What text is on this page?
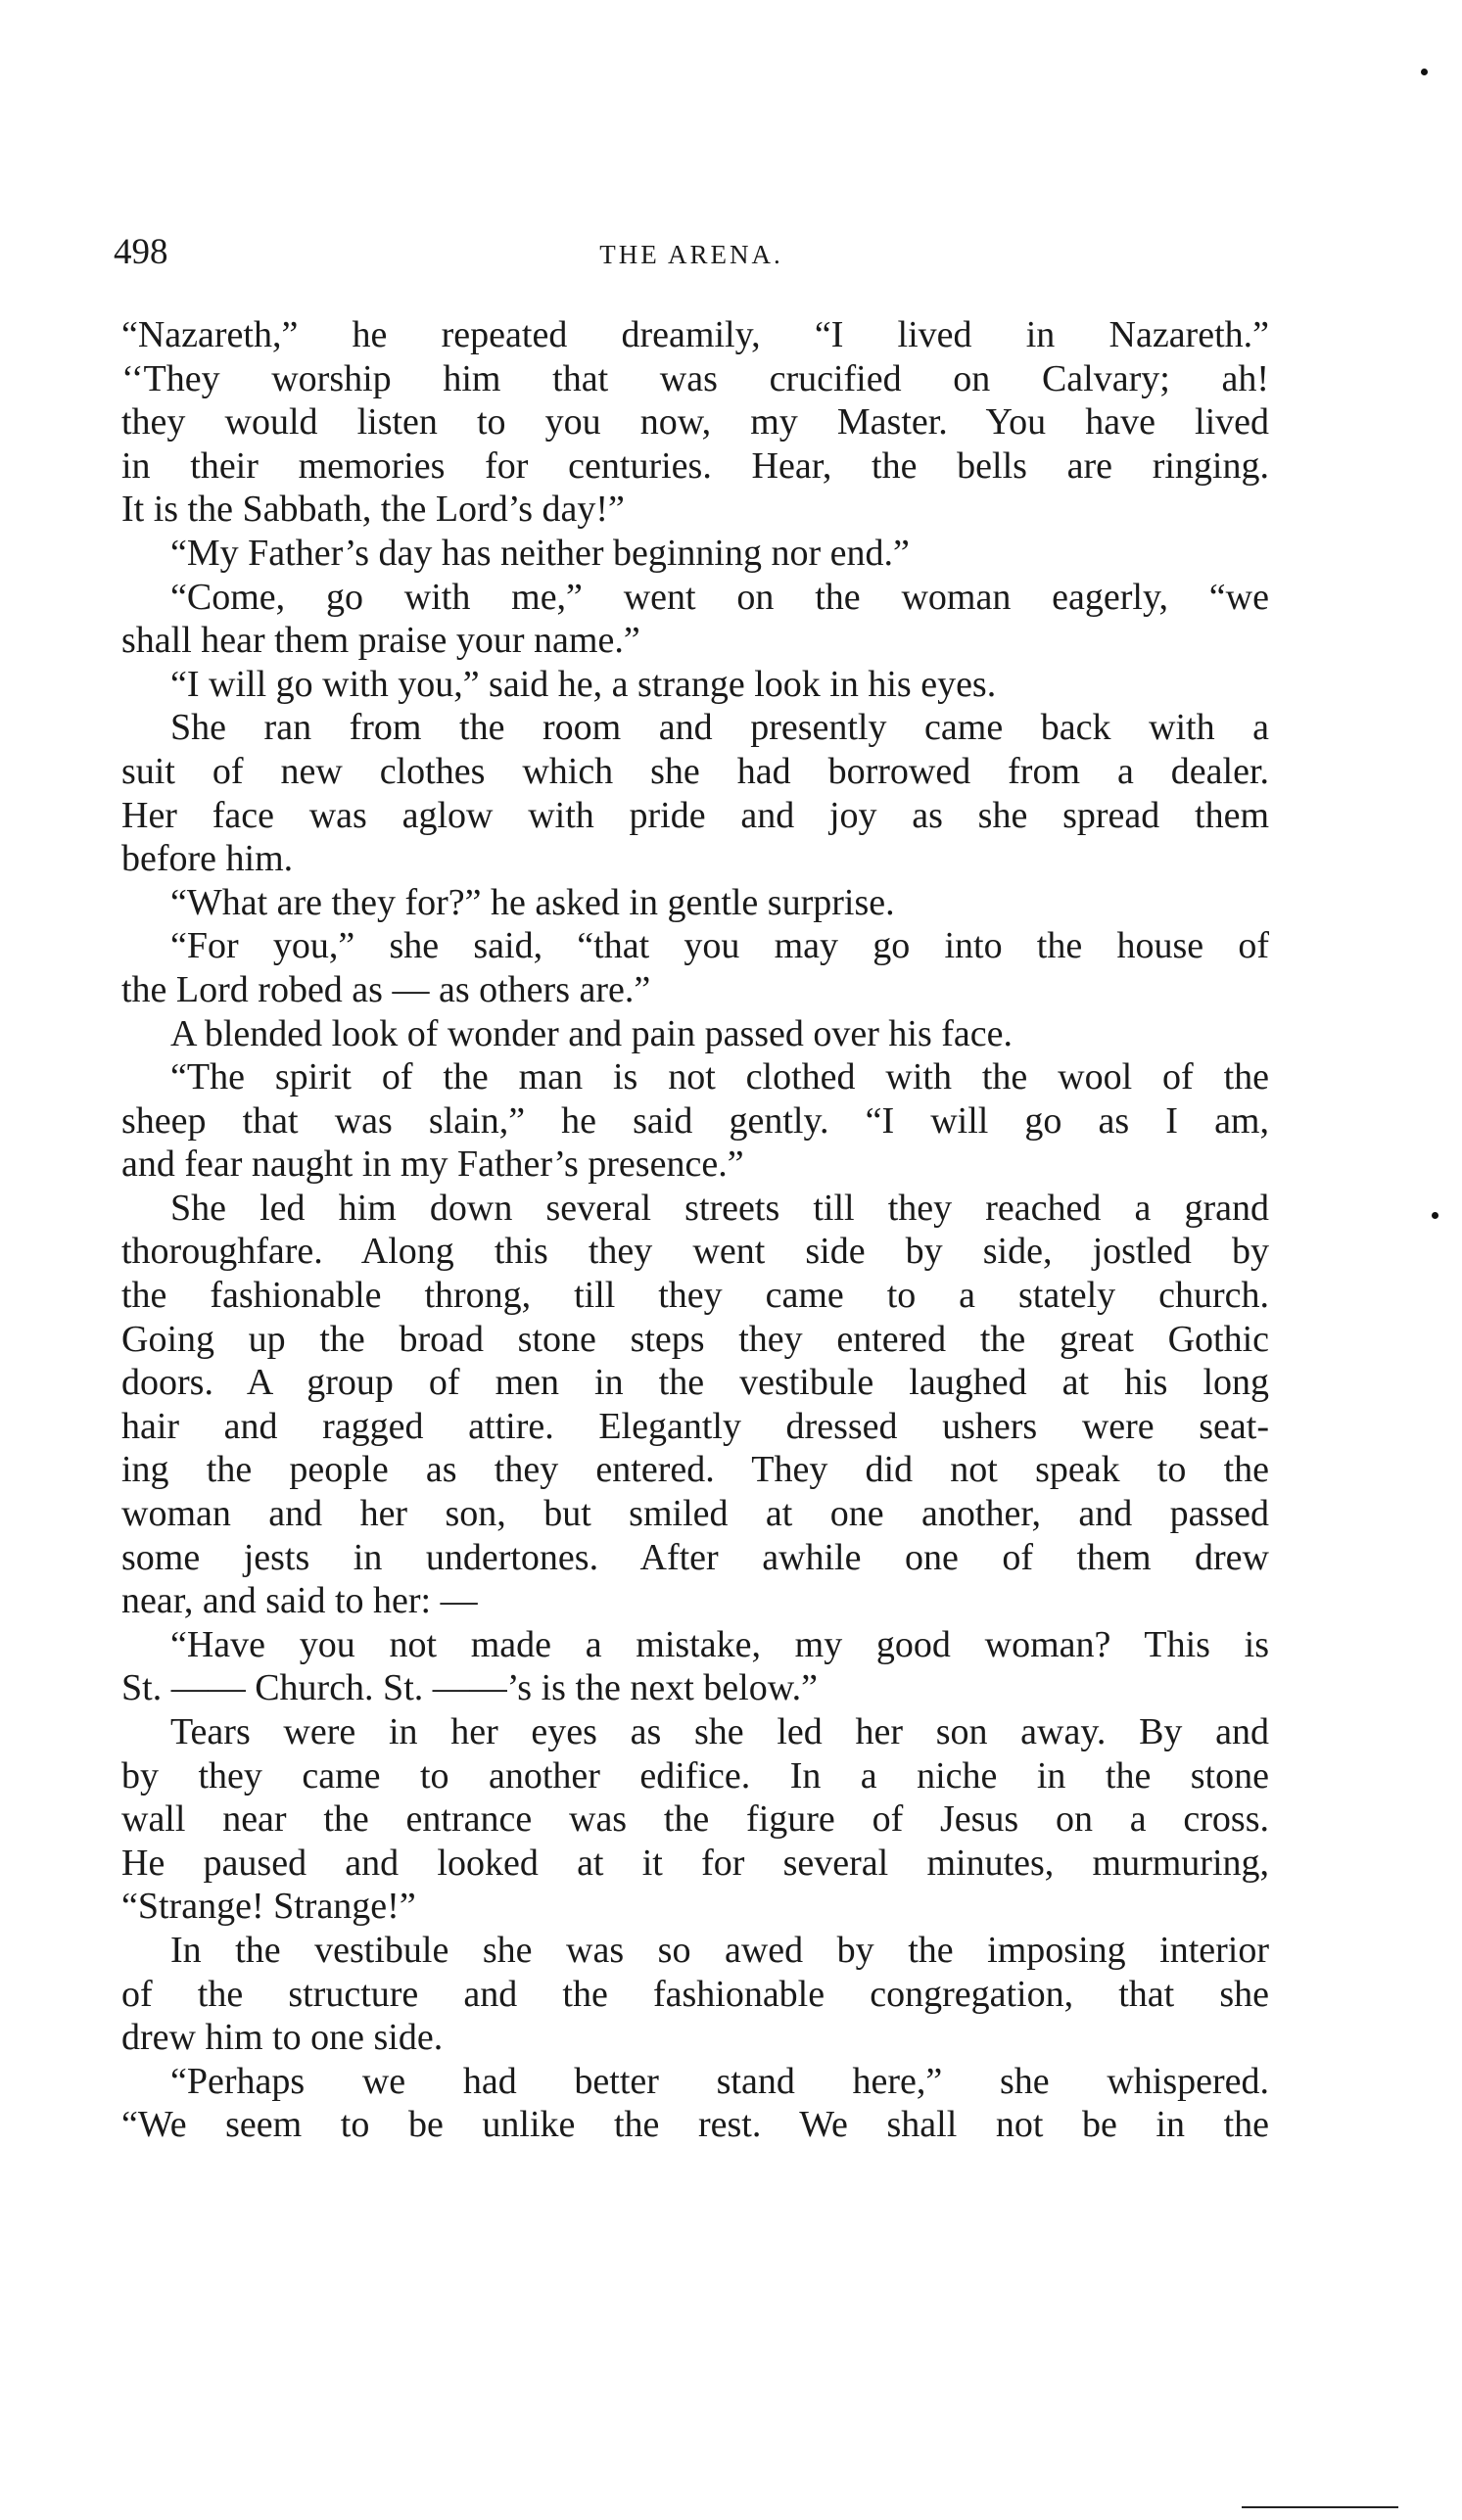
498	THE ARENA.
“Nazareth,” he repeated dreamily, “I lived in Nazareth.”
‘‘They worship him that was crucified on Calvary; ah!
they would listen to you now, my Master. You have lived
in their memories for centuries. Hear, the bells are ringing.
It is the Sabbath, the Lord’s day!”
“My Father’s day has neither beginning nor end.”
“Come, go with me,” went on the woman eagerly, “we
shall hear them praise your name.”
“I will go with you,” said he, a strange look in his eyes.
She ran from the room and presently came back with a
suit of new clothes which she had borrowed from a dealer.
Her face was aglow with pride and joy as she spread them
before him.
“What are they for?” he asked in gentle surprise.
“For you,” she said, “that you may go into the house of
the Lord robed as — as others are.”
A blended look of wonder and pain passed over his face.
“The spirit of the man is not clothed with the wool of the
sheep that was slain,” he said gently. “I will go as I am,
and fear naught in my Father’s presence.”
She led him down several streets till they reached a grand
thoroughfare. Along this they went side by side, jostled by
the fashionable throng, till they came to a stately church.
Going up the broad stone steps they entered the great Gothic
doors. A group of men in the vestibule laughed at his long
hair and ragged attire. Elegantly dressed ushers were seat-
ing the people as they entered. They did not speak to the
woman and her son, but smiled at one another, and passed
some jests in undertones. After awhile one of them drew
near, and said to her: —
“Have you not made a mistake, my good woman? This is
St. —— Church. St. ——’s is the next below.”
Tears were in her eyes as she led her son away. By and
by they came to another edifice. In a niche in the stone
wall near the entrance was the figure of Jesus on a cross.
He paused and looked at it for several minutes, murmuring,
“Strange! Strange!”
In the vestibule she was so awed by the imposing interior
of the structure and the fashionable congregation, that she
drew him to one side.
“Perhaps we had better stand here,” she whispered.
“We seem to be unlike the rest. We shall not be in the
